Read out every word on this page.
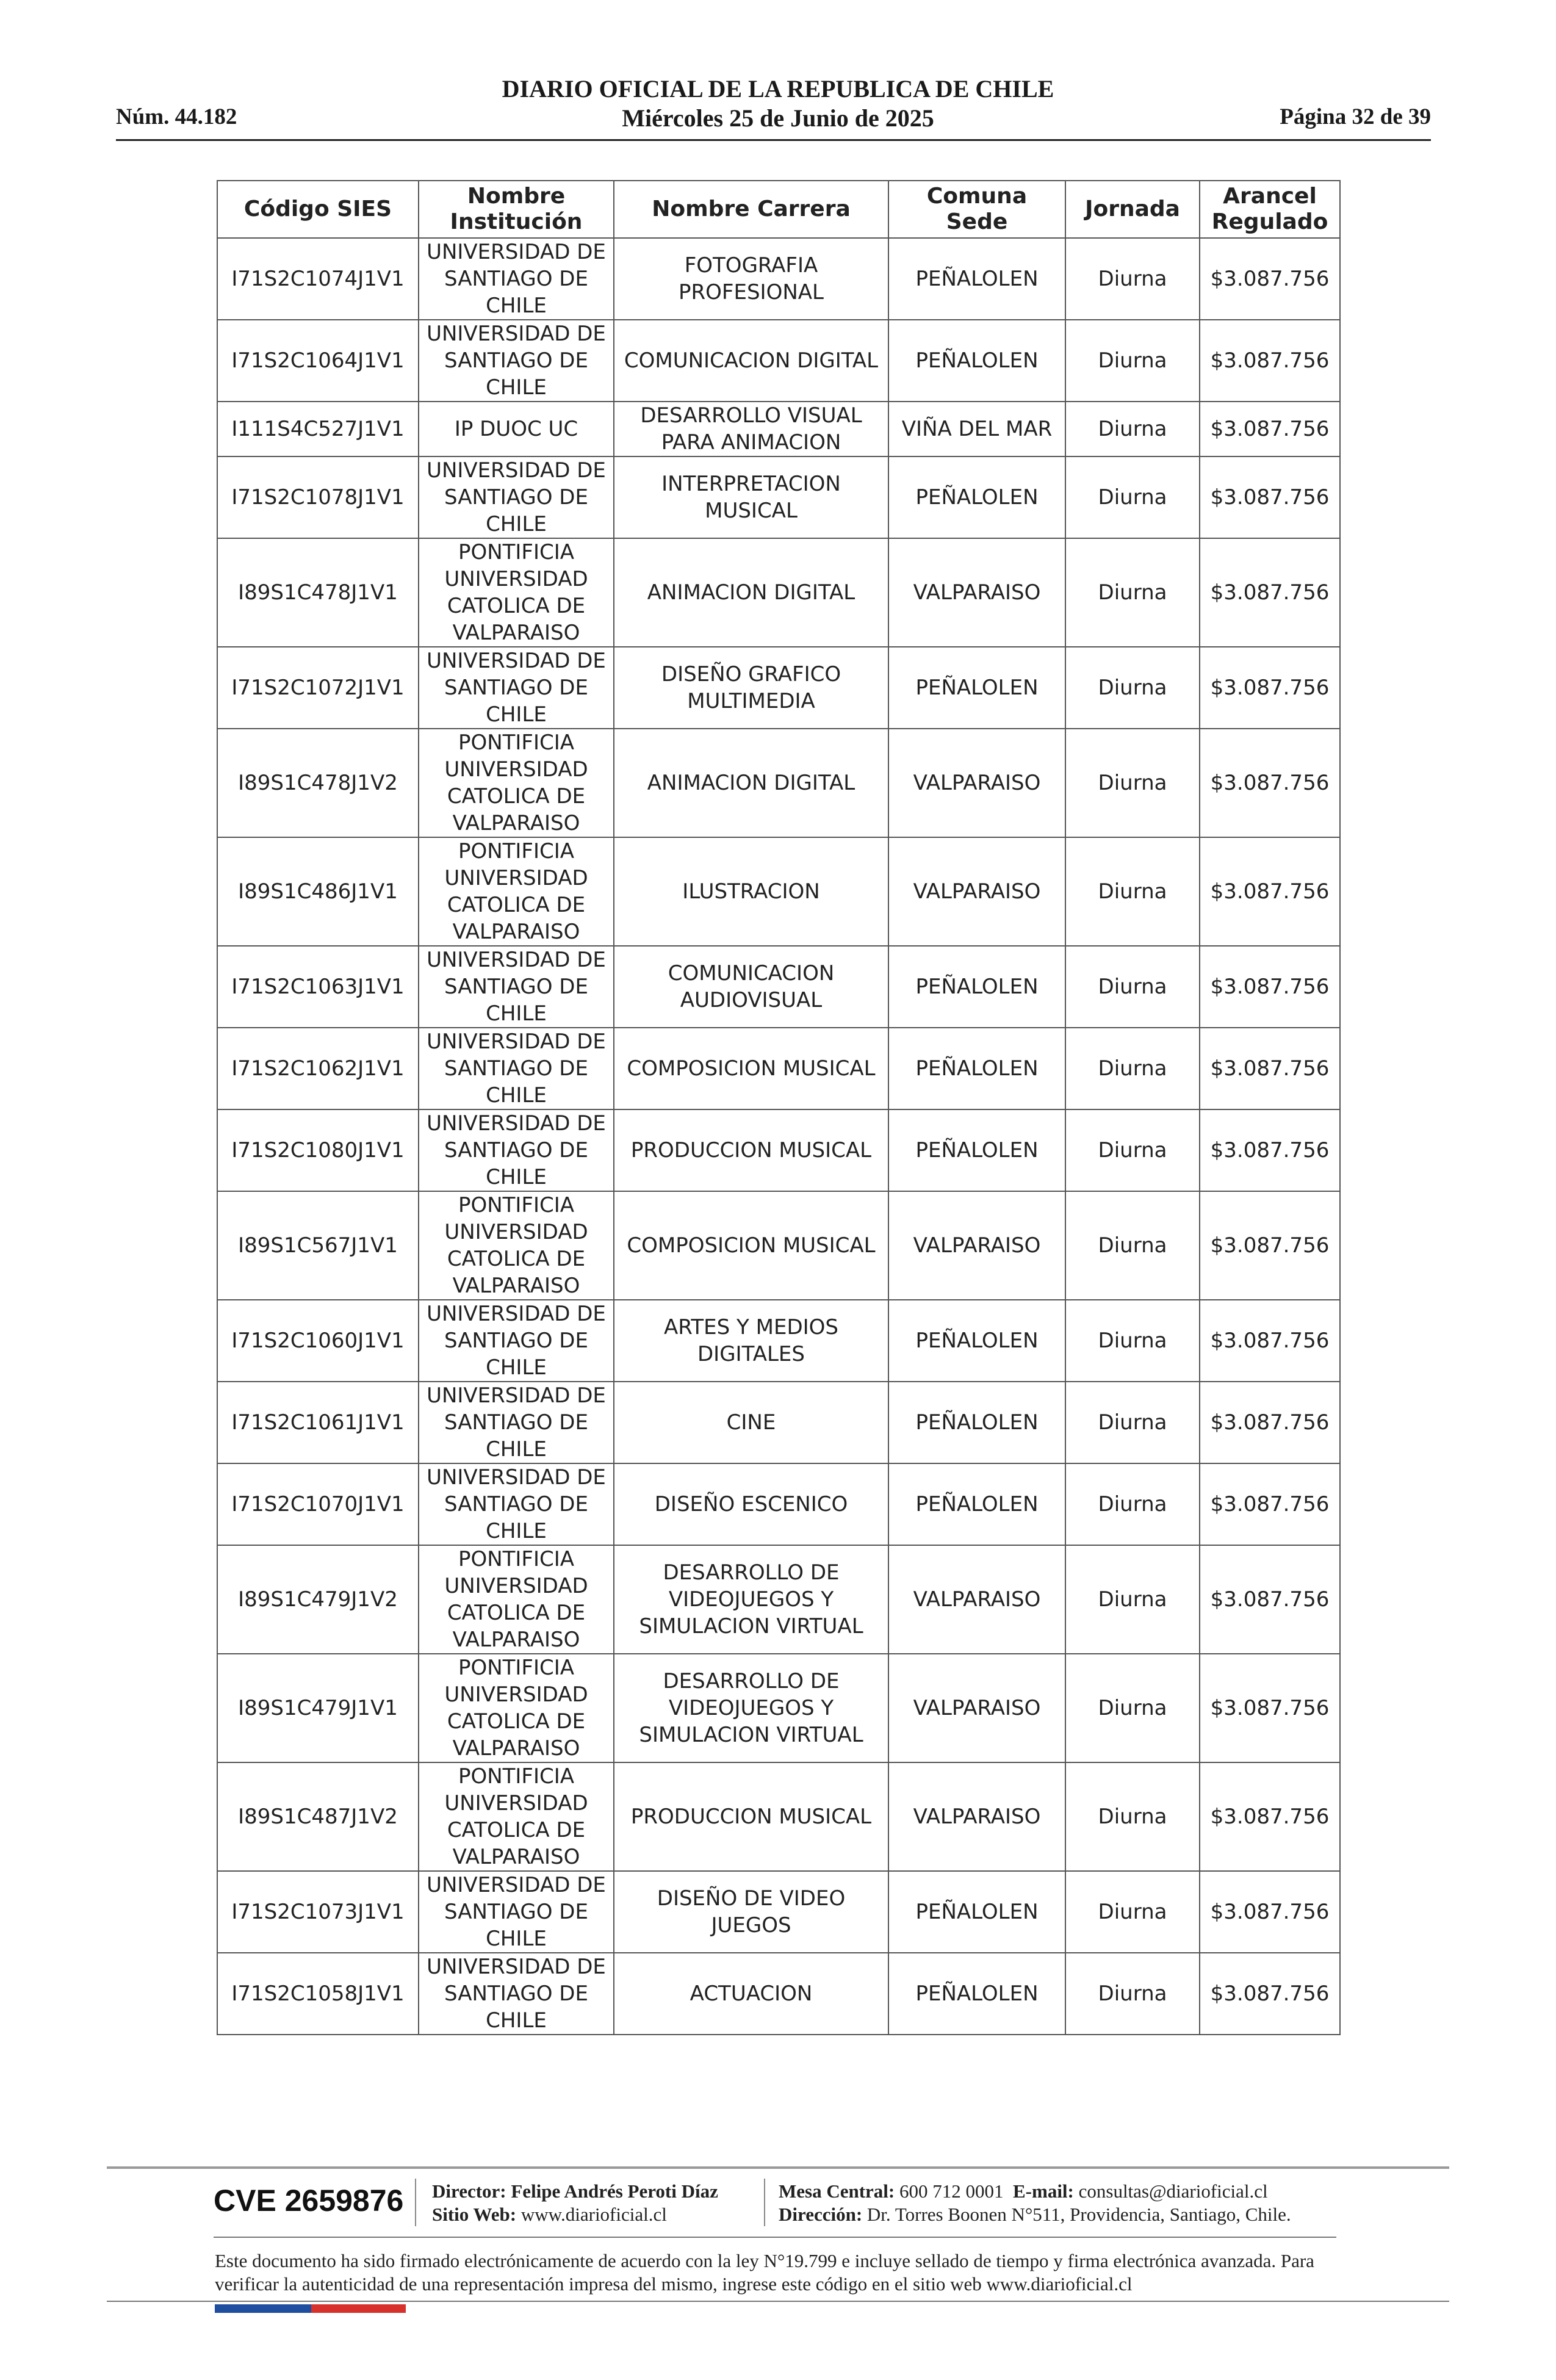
Núm. 44.182
DIARIO OFICIAL DE LA REPUBLICA DE CHILE
Miércoles 25 de Junio de 2025	Página 32 de 39
Código SIES	Nombre Institución	Nombre Carrera	Comuna Sede	Jornada	Arancel Regulado
I71S2C1074J1V1	UNIVERSIDAD DE SANTIAGO DE CHILE	FOTOGRAFIA PROFESIONAL	PEÑALOLEN	Diurna	$3.087.756
I71S2C1064J1V1	UNIVERSIDAD DE SANTIAGO DE CHILE	COMUNICACION DIGITAL	PEÑALOLEN	Diurna	$3.087.756
I111S4C527J1V1	IP DUOC UC	DESARROLLO VISUAL PARA ANIMACION	VIÑA DEL MAR	Diurna	$3.087.756
I71S2C1078J1V1	UNIVERSIDAD DE SANTIAGO DE CHILE	INTERPRETACION MUSICAL	PEÑALOLEN	Diurna	$3.087.756
I89S1C478J1V1	PONTIFICIA UNIVERSIDAD CATOLICA DE VALPARAISO	ANIMACION DIGITAL	VALPARAISO	Diurna	$3.087.756
I71S2C1072J1V1	UNIVERSIDAD DE SANTIAGO DE CHILE	DISEÑO GRAFICO MULTIMEDIA	PEÑALOLEN	Diurna	$3.087.756
I89S1C478J1V2	PONTIFICIA UNIVERSIDAD CATOLICA DE VALPARAISO	ANIMACION DIGITAL	VALPARAISO	Diurna	$3.087.756
I89S1C486J1V1	PONTIFICIA UNIVERSIDAD CATOLICA DE VALPARAISO	ILUSTRACION	VALPARAISO	Diurna	$3.087.756
I71S2C1063J1V1	UNIVERSIDAD DE SANTIAGO DE CHILE	COMUNICACION AUDIOVISUAL	PEÑALOLEN	Diurna	$3.087.756
I71S2C1062J1V1	UNIVERSIDAD DE SANTIAGO DE CHILE	COMPOSICION MUSICAL	PEÑALOLEN	Diurna	$3.087.756
I71S2C1080J1V1	UNIVERSIDAD DE SANTIAGO DE CHILE	PRODUCCION MUSICAL	PEÑALOLEN	Diurna	$3.087.756
I89S1C567J1V1	PONTIFICIA UNIVERSIDAD CATOLICA DE VALPARAISO	COMPOSICION MUSICAL	VALPARAISO	Diurna	$3.087.756
I71S2C1060J1V1	UNIVERSIDAD DE SANTIAGO DE CHILE	ARTES Y MEDIOS DIGITALES	PEÑALOLEN	Diurna	$3.087.756
I71S2C1061J1V1	UNIVERSIDAD DE SANTIAGO DE CHILE	CINE	PEÑALOLEN	Diurna	$3.087.756
I71S2C1070J1V1	UNIVERSIDAD DE SANTIAGO DE CHILE	DISEÑO ESCENICO	PEÑALOLEN	Diurna	$3.087.756
I89S1C479J1V2	PONTIFICIA UNIVERSIDAD CATOLICA DE VALPARAISO	DESARROLLO DE VIDEOJUEGOS Y SIMULACION VIRTUAL	VALPARAISO	Diurna	$3.087.756
I89S1C479J1V1	PONTIFICIA UNIVERSIDAD CATOLICA DE VALPARAISO	DESARROLLO DE VIDEOJUEGOS Y SIMULACION VIRTUAL	VALPARAISO	Diurna	$3.087.756
I89S1C487J1V2	PONTIFICIA UNIVERSIDAD CATOLICA DE VALPARAISO	PRODUCCION MUSICAL	VALPARAISO	Diurna	$3.087.756
I71S2C1073J1V1	UNIVERSIDAD DE SANTIAGO DE CHILE	DISEÑO DE VIDEO JUEGOS	PEÑALOLEN	Diurna	$3.087.756
I71S2C1058J1V1	UNIVERSIDAD DE SANTIAGO DE CHILE	ACTUACION	PEÑALOLEN	Diurna	$3.087.756
CVE 2659876 Director: Felipe Andrés Peroti Díaz
Sitio Web: www.diarioficial.cl
Mesa Central: 600 712 0001 E-mail: consultas@diarioficial.cl
Dirección: Dr. Torres Boonen N°511, Providencia, Santiago, Chile.
Este documento ha sido firmado electrónicamente de acuerdo con la ley N°19.799 e incluye sellado de tiempo y firma electrónica avanzada. Para verificar la autenticidad de una representación impresa del mismo, ingrese este código en el sitio web www.diarioficial.cl
